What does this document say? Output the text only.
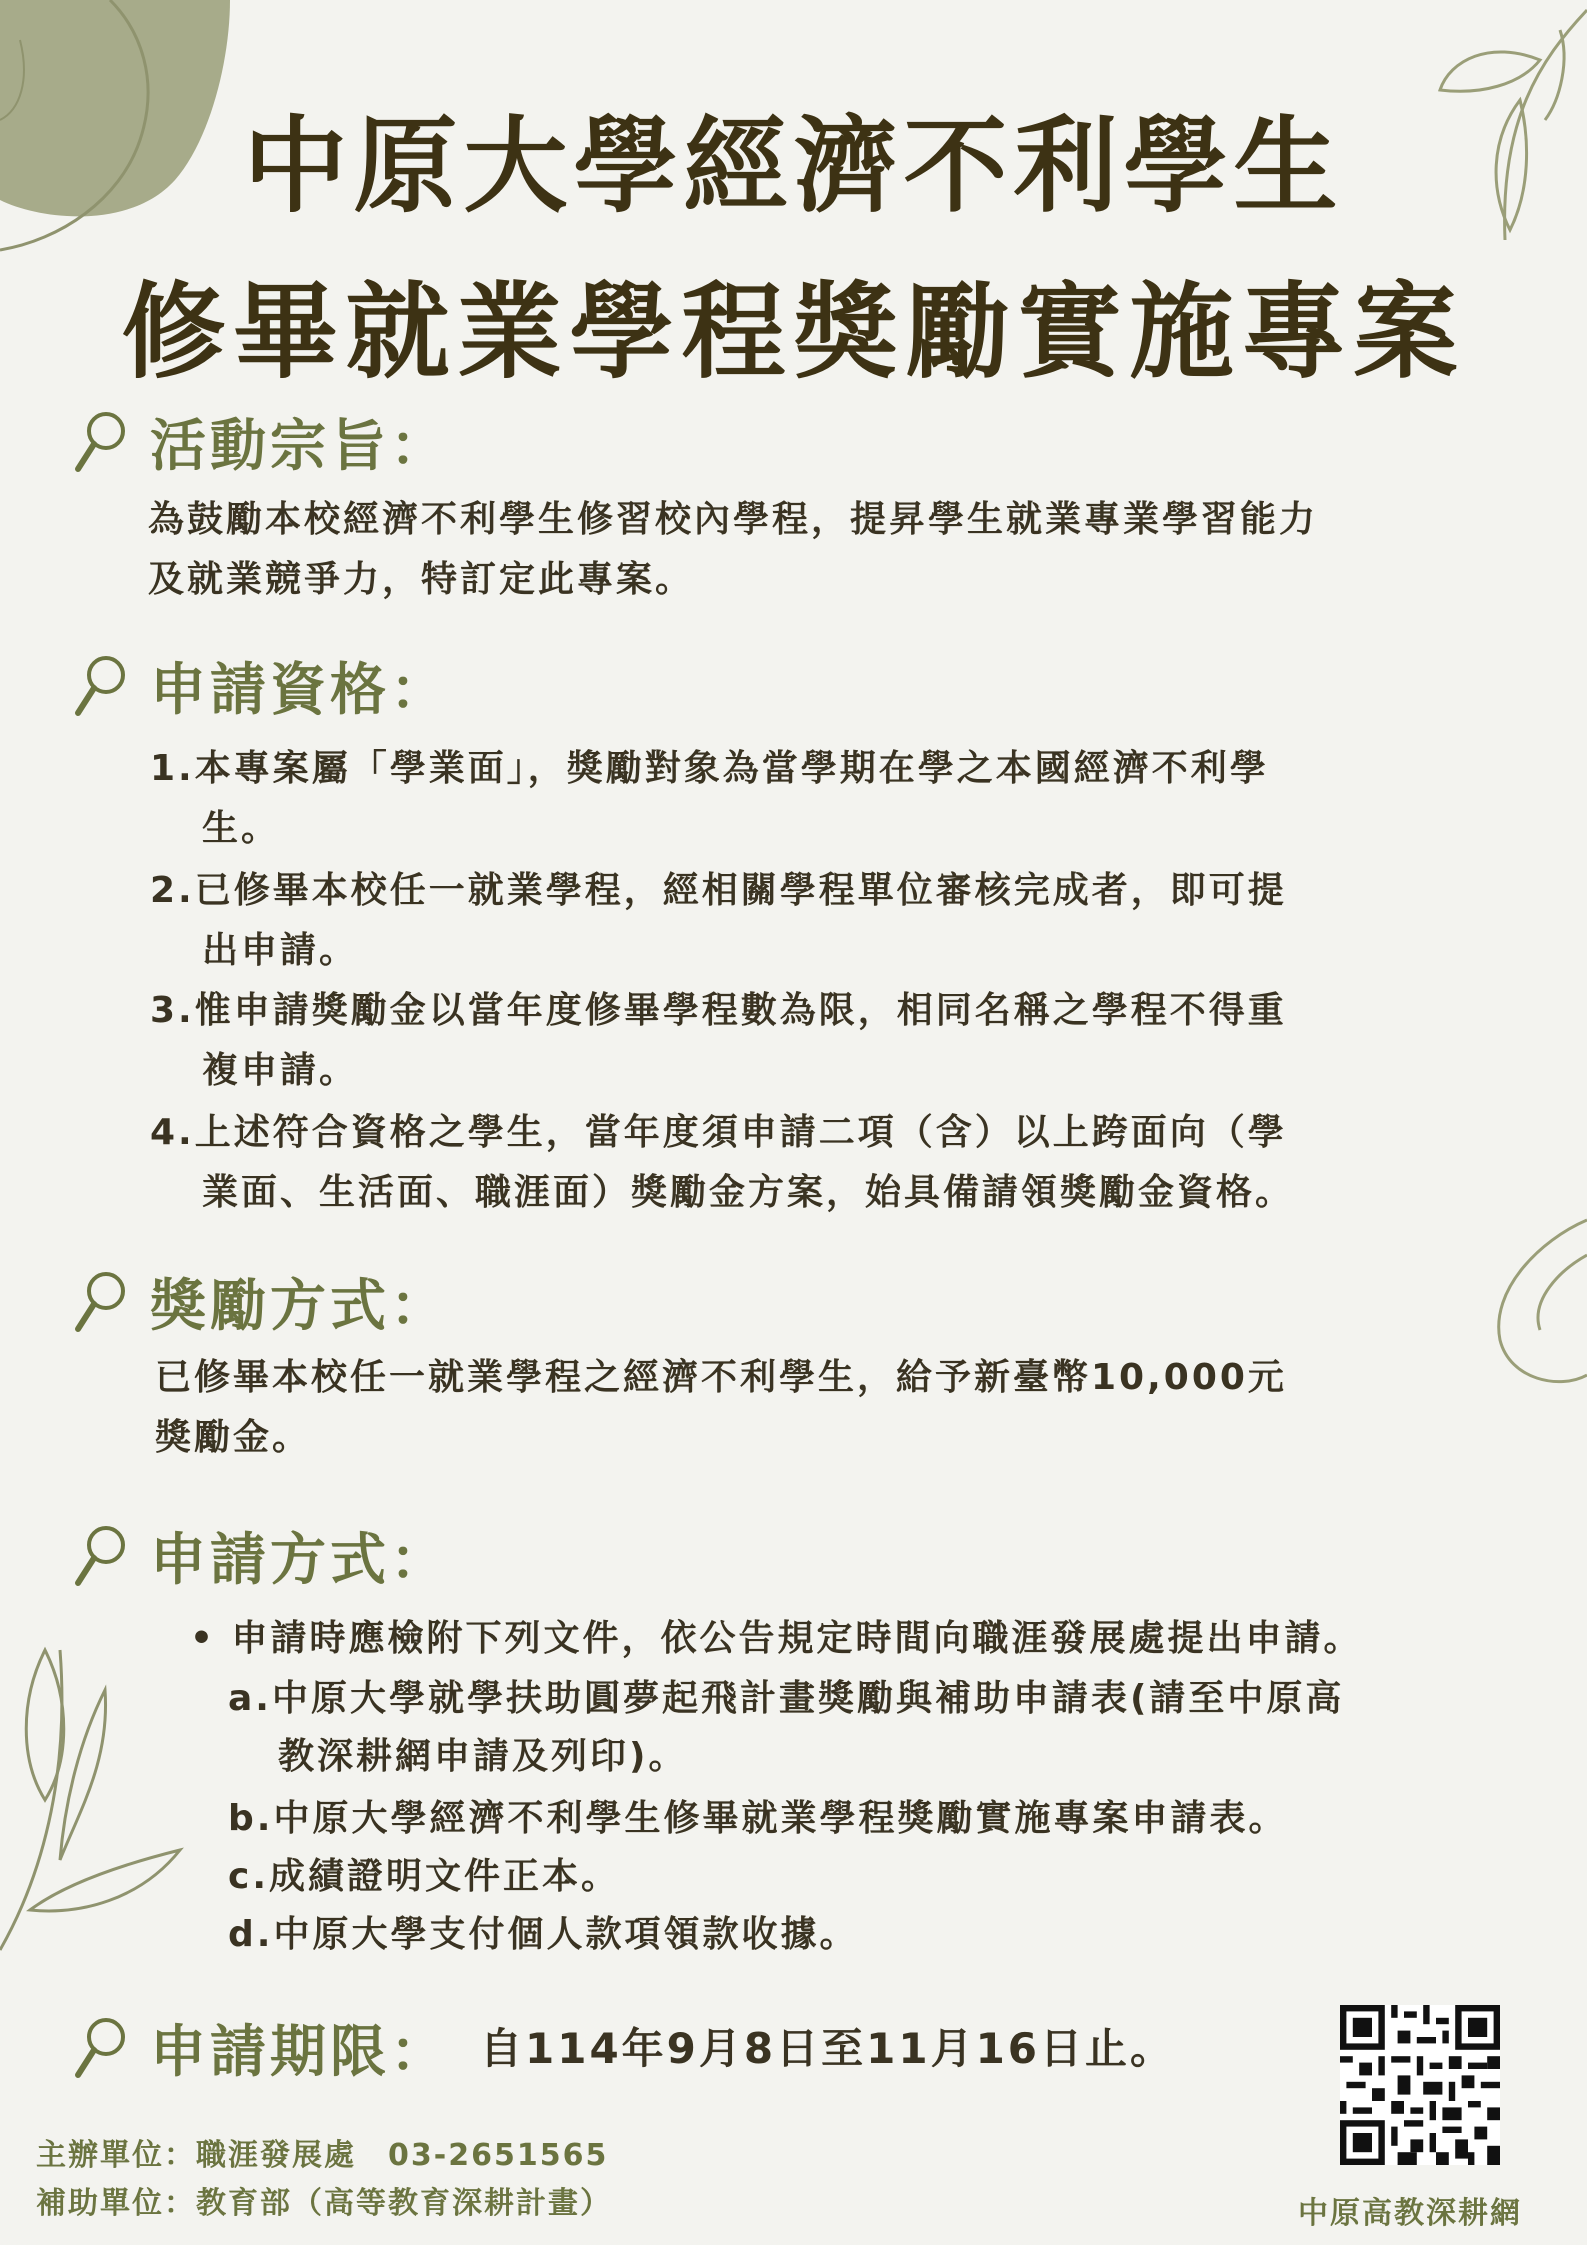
中原大學經濟不利學生
修畢就業學程獎勵實施專案
活動宗旨：
為鼓勵本校經濟不利學生修習校內學程，提昇學生就業專業學習能力
及就業競爭力，特訂定此專案。
申請資格：
1.本專案屬「學業面」，獎勵對象為當學期在學之本國經濟不利學
生。
2.已修畢本校任一就業學程，經相關學程單位審核完成者，即可提
出申請。
3.惟申請獎勵金以當年度修畢學程數為限，相同名稱之學程不得重
複申請。
4.上述符合資格之學生，當年度須申請二項（含）以上跨面向（學
業面、生活面、職涯面）獎勵金方案，始具備請領獎勵金資格。
獎勵方式：
已修畢本校任一就業學程之經濟不利學生，給予新臺幣10,000元
獎勵金。
申請方式：
• 申請時應檢附下列文件，依公告規定時間向職涯發展處提出申請。
a.中原大學就學扶助圓夢起飛計畫獎勵與補助申請表(請至中原高
教深耕網申請及列印)。
b.中原大學經濟不利學生修畢就業學程獎勵實施專案申請表。
c.成績證明文件正本。
d.中原大學支付個人款項領款收據。
申請期限： 自114年9月8日至11月16日止。
主辦單位：職涯發展處　03-2651565
補助單位：教育部（高等教育深耕計畫）	中原高教深耕網
